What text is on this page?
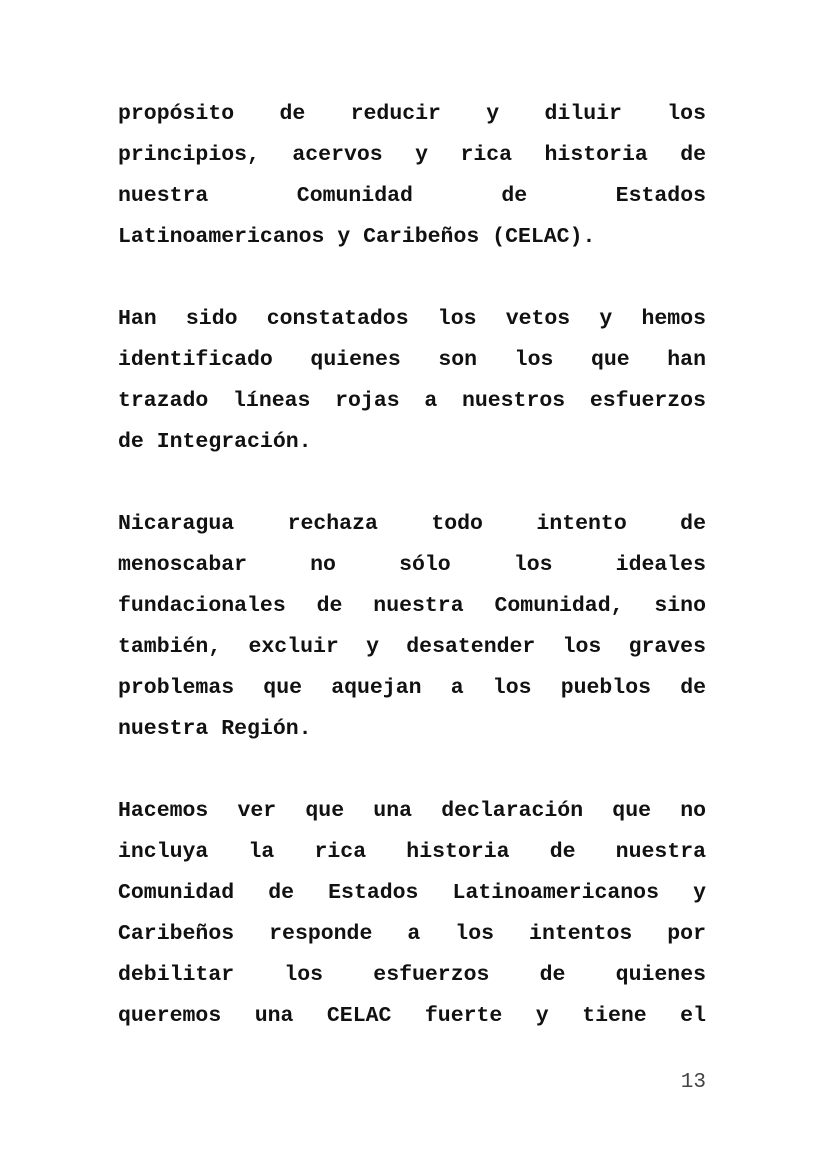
propósito de reducir y diluir los
principios, acervos y rica historia de
nuestra Comunidad de Estados
Latinoamericanos y Caribeños (CELAC).
Han sido constatados los vetos y hemos
identificado quienes son los que han
trazado líneas rojas a nuestros esfuerzos
de Integración.
Nicaragua rechaza todo intento de
menoscabar no sólo los ideales
fundacionales de nuestra Comunidad, sino
también, excluir y desatender los graves
problemas que aquejan a los pueblos de
nuestra Región.
Hacemos ver que una declaración que no
incluya la rica historia de nuestra
Comunidad de Estados Latinoamericanos y
Caribeños responde a los intentos por
debilitar los esfuerzos de quienes
queremos una CELAC fuerte y tiene el
13
